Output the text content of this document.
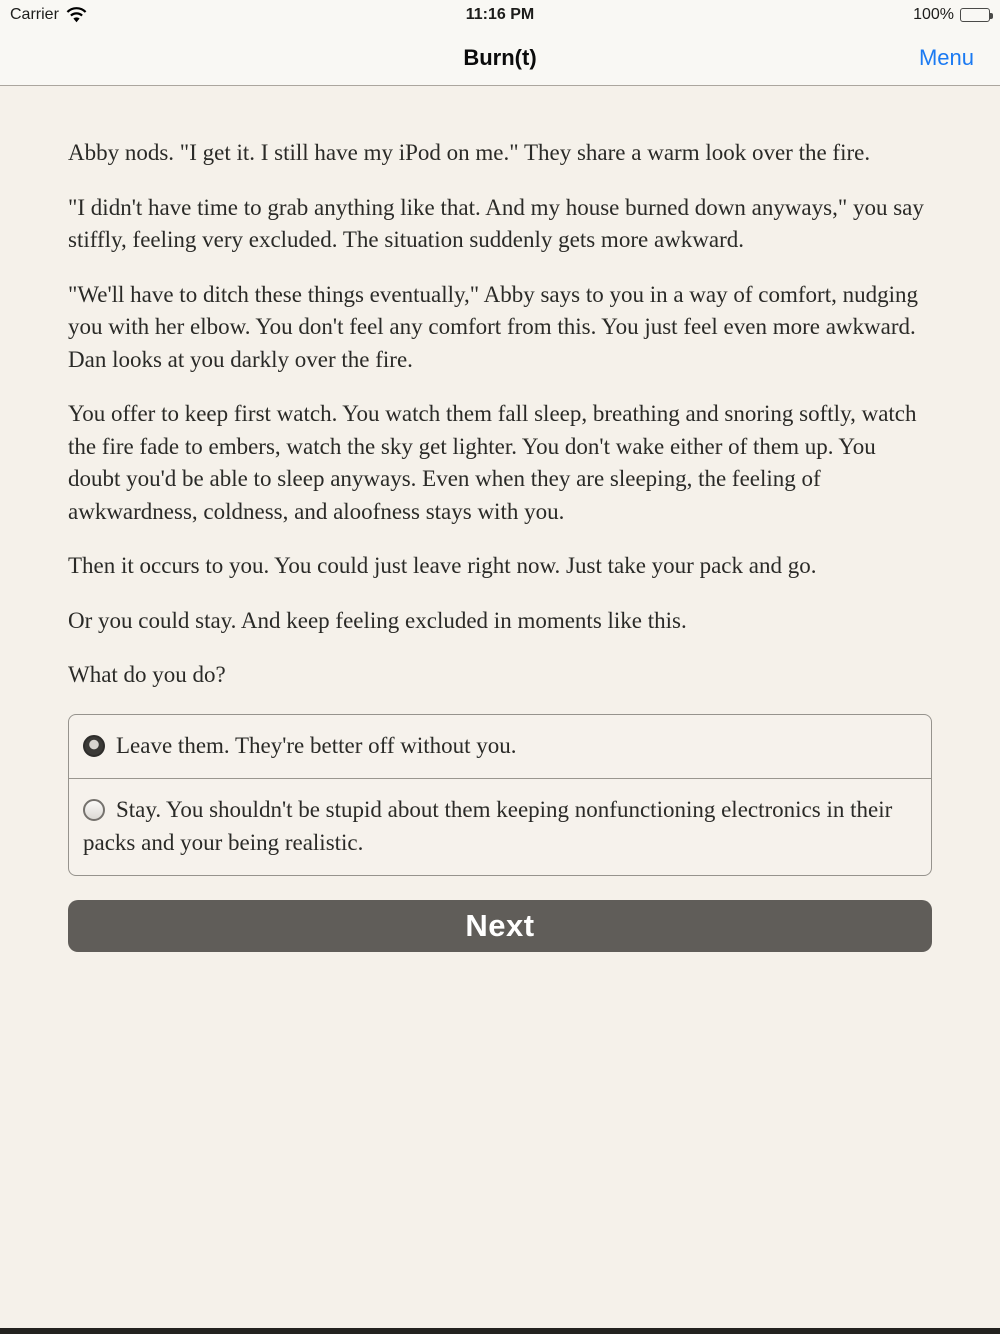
Carrier	11:16 PM	100%
Burn(t)	Menu

Abby nods. "I get it. I still have my iPod on me." They share a warm look over the fire.

"I didn't have time to grab anything like that. And my house burned down anyways," you say stiffly, feeling very excluded. The situation suddenly gets more awkward.

"We'll have to ditch these things eventually," Abby says to you in a way of comfort, nudging you with her elbow. You don't feel any comfort from this. You just feel even more awkward. Dan looks at you darkly over the fire.

You offer to keep first watch. You watch them fall sleep, breathing and snoring softly, watch the fire fade to embers, watch the sky get lighter. You don't wake either of them up. You doubt you'd be able to sleep anyways. Even when they are sleeping, the feeling of awkwardness, coldness, and aloofness stays with you.

Then it occurs to you. You could just leave right now. Just take your pack and go.

Or you could stay. And keep feeling excluded in moments like this.

What do you do?

Leave them. They're better off without you.
Stay. You shouldn't be stupid about them keeping nonfunctioning electronics in their packs and your being realistic.
Next
